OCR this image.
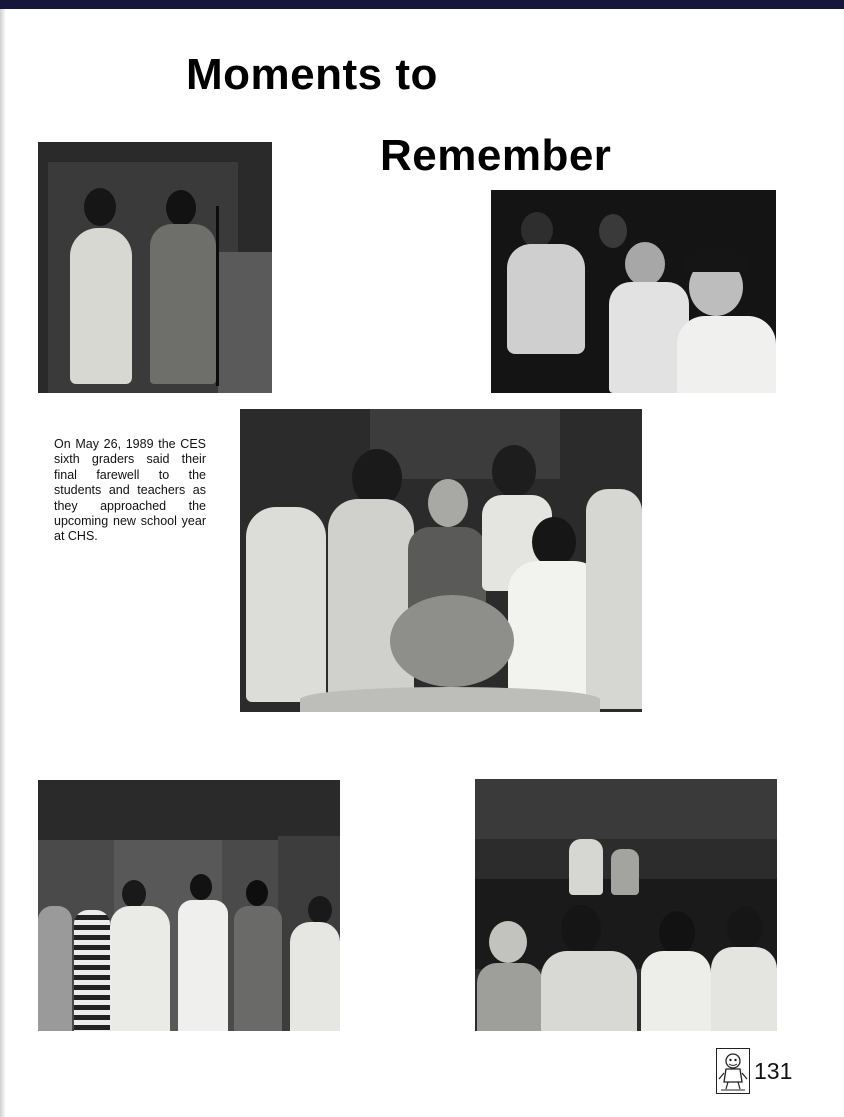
Moments to
Remember

On May 26, 1989 the CES sixth graders said their final farewell to the students and teachers as they approached the upcoming new school year at CHS.

131
